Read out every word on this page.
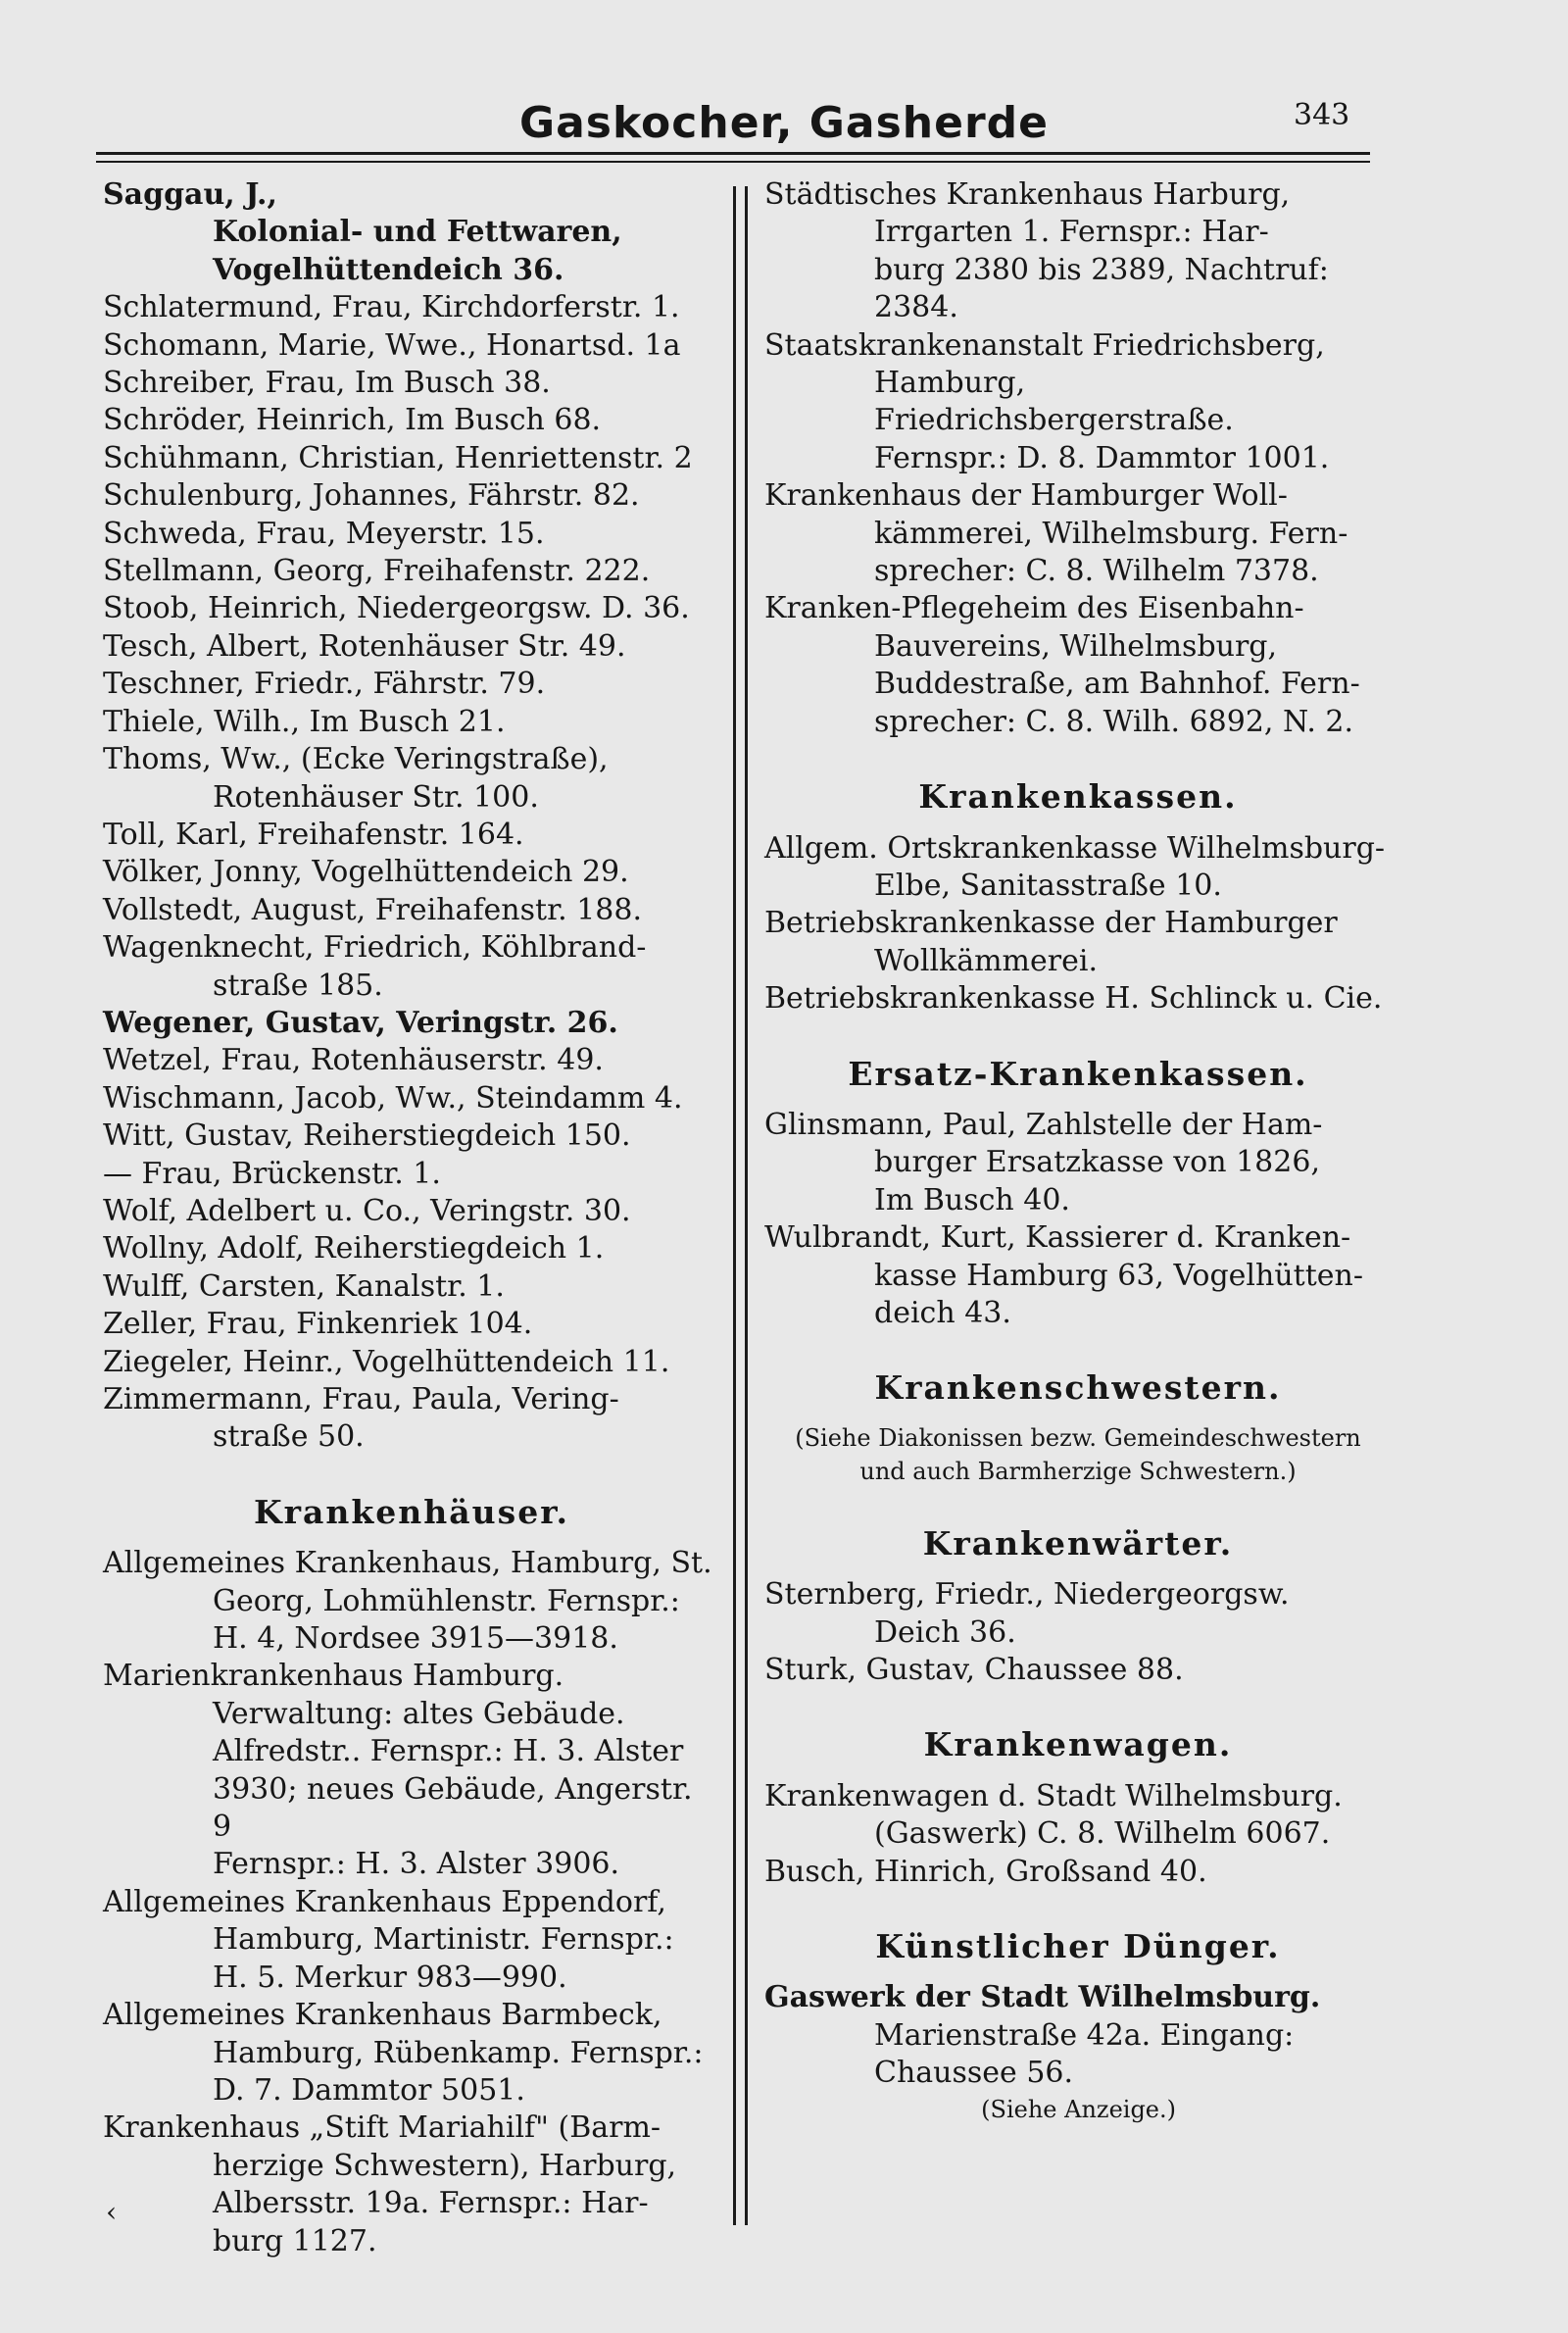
Gaskocher, Gasherde	343
Saggau, J.,
Kolonial- und Fettwaren,
Vogelhüttendeich 36.
Schlatermund, Frau, Kirchdorferstr. 1.
Schomann, Marie, Wwe., Honartsd. 1a
Schreiber, Frau, Im Busch 38.
Schröder, Heinrich, Im Busch 68.
Schühmann, Christian, Henriettenstr. 2
Schulenburg, Johannes, Fährstr. 82.
Schweda, Frau, Meyerstr. 15.
Stellmann, Georg, Freihafenstr. 222.
Stoob, Heinrich, Niedergeorgsw. D. 36.
Tesch, Albert, Rotenhäuser Str. 49.
Teschner, Friedr., Fährstr. 79.
Thiele, Wilh., Im Busch 21.
Thoms, Ww., (Ecke Veringstraße),
Rotenhäuser Str. 100.
Toll, Karl, Freihafenstr. 164.
Völker, Jonny, Vogelhüttendeich 29.
Vollstedt, August, Freihafenstr. 188.
Wagenknecht, Friedrich, Köhlbrand-
straße 185.
Wegener, Gustav, Veringstr. 26.
Wetzel, Frau, Rotenhäuserstr. 49.
Wischmann, Jacob, Ww., Steindamm 4.
Witt, Gustav, Reiherstiegdeich 150.
— Frau, Brückenstr. 1.
Wolf, Adelbert u. Co., Veringstr. 30.
Wollny, Adolf, Reiherstiegdeich 1.
Wulff, Carsten, Kanalstr. 1.
Zeller, Frau, Finkenriek 104.
Ziegeler, Heinr., Vogelhüttendeich 11.
Zimmermann, Frau, Paula, Vering-
straße 50.
Krankenhäuser.
Allgemeines Krankenhaus, Hamburg, St.
Georg, Lohmühlenstr. Fernspr.:
H. 4, Nordsee 3915—3918.
Marienkrankenhaus Hamburg.
Verwaltung: altes Gebäude.
Alfredstr.. Fernspr.: H. 3. Alster
3930; neues Gebäude, Angerstr. 9
Fernspr.: H. 3. Alster 3906.
Allgemeines Krankenhaus Eppendorf,
Hamburg, Martinistr. Fernspr.:
H. 5. Merkur 983—990.
Allgemeines Krankenhaus Barmbeck,
Hamburg, Rübenkamp. Fernspr.:
D. 7. Dammtor 5051.
Krankenhaus „Stift Mariahilf" (Barm-
herzige Schwestern), Harburg,
Albersstr. 19a. Fernspr.: Har-
burg 1127.
Städtisches Krankenhaus Harburg,
Irrgarten 1. Fernspr.: Har-
burg 2380 bis 2389, Nachtruf:
2384.
Staatskrankenanstalt Friedrichsberg,
Hamburg, Friedrichsbergerstraße.
Fernspr.: D. 8. Dammtor 1001.
Krankenhaus der Hamburger Woll-
kämmerei, Wilhelmsburg. Fern-
sprecher: C. 8. Wilhelm 7378.
Kranken-Pflegeheim des Eisenbahn-
Bauvereins, Wilhelmsburg,
Buddestraße, am Bahnhof. Fern-
sprecher: C. 8. Wilh. 6892, N. 2.
Krankenkassen.
Allgem. Ortskrankenkasse Wilhelmsburg-
Elbe, Sanitasstraße 10.
Betriebskrankenkasse der Hamburger
Wollkämmerei.
Betriebskrankenkasse H. Schlinck u. Cie.
Ersatz-Krankenkassen.
Glinsmann, Paul, Zahlstelle der Ham-
burger Ersatzkasse von 1826,
Im Busch 40.
Wulbrandt, Kurt, Kassierer d. Kranken-
kasse Hamburg 63, Vogelhütten-
deich 43.
Krankenschwestern.
(Siehe Diakonissen bezw. Gemeindeschwestern
und auch Barmherzige Schwestern.)
Krankenwärter.
Sternberg, Friedr., Niedergeorgsw.
Deich 36.
Sturk, Gustav, Chaussee 88.
Krankenwagen.
Krankenwagen d. Stadt Wilhelmsburg.
(Gaswerk) C. 8. Wilhelm 6067.
Busch, Hinrich, Großsand 40.
Künstlicher Dünger.
Gaswerk der Stadt Wilhelmsburg.
Marienstraße 42a. Eingang:
Chaussee 56.
(Siehe Anzeige.)
‹
